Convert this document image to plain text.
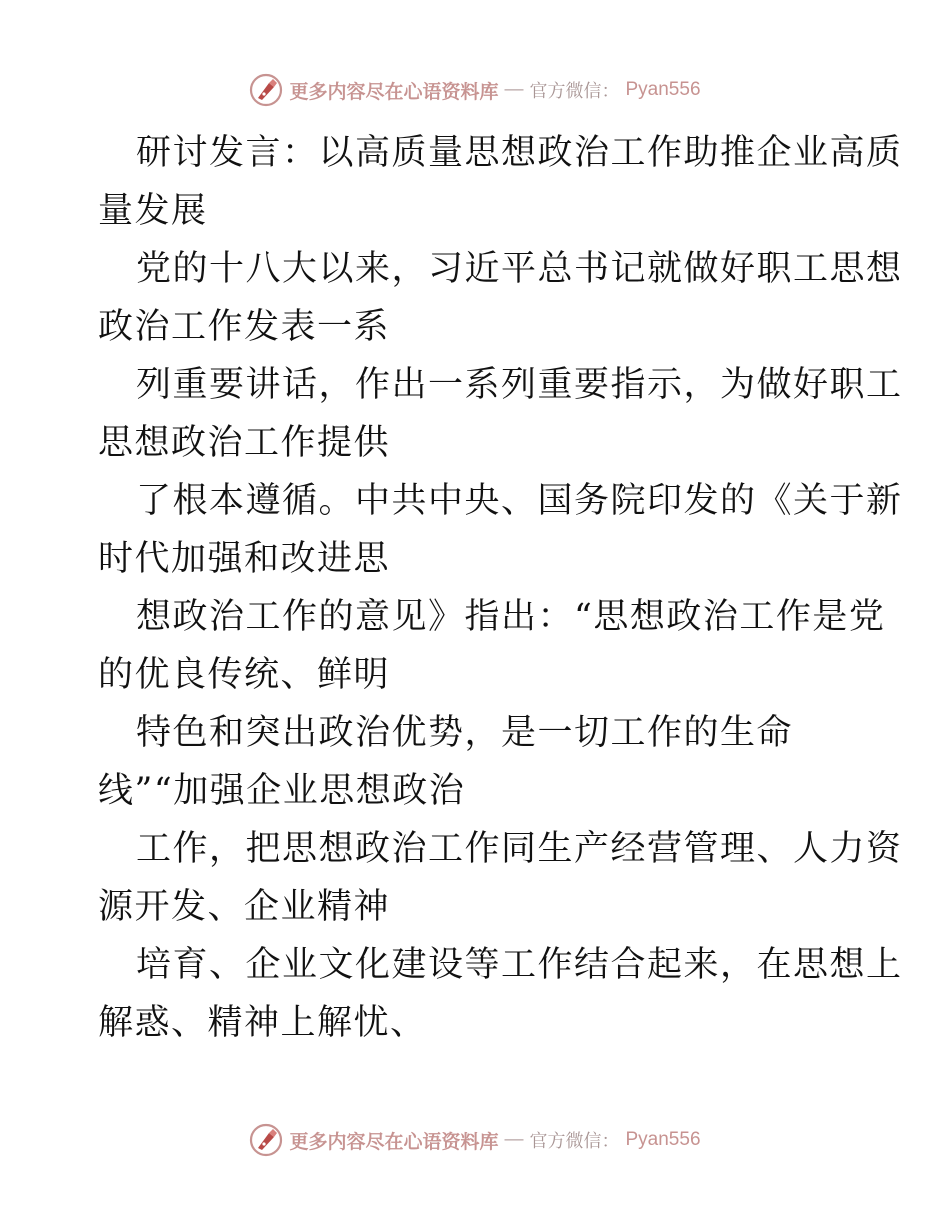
更多内容尽在心语资料库 — 官方微信： Pyan556
研讨发言：以高质量思想政治工作助推企业高质
量发展
党的十八大以来，习近平总书记就做好职工思想
政治工作发表一系
列重要讲话，作出一系列重要指示，为做好职工
思想政治工作提供
了根本遵循。中共中央、国务院印发的《关于新
时代加强和改进思
想政治工作的意见》指出：“思想政治工作是党
的优良传统、鲜明
特色和突出政治优势，是一切工作的生命
线”“加强企业思想政治
工作，把思想政治工作同生产经营管理、人力资
源开发、企业精神
培育、企业文化建设等工作结合起来，在思想上
解惑、精神上解忧、
更多内容尽在心语资料库 — 官方微信： Pyan556
